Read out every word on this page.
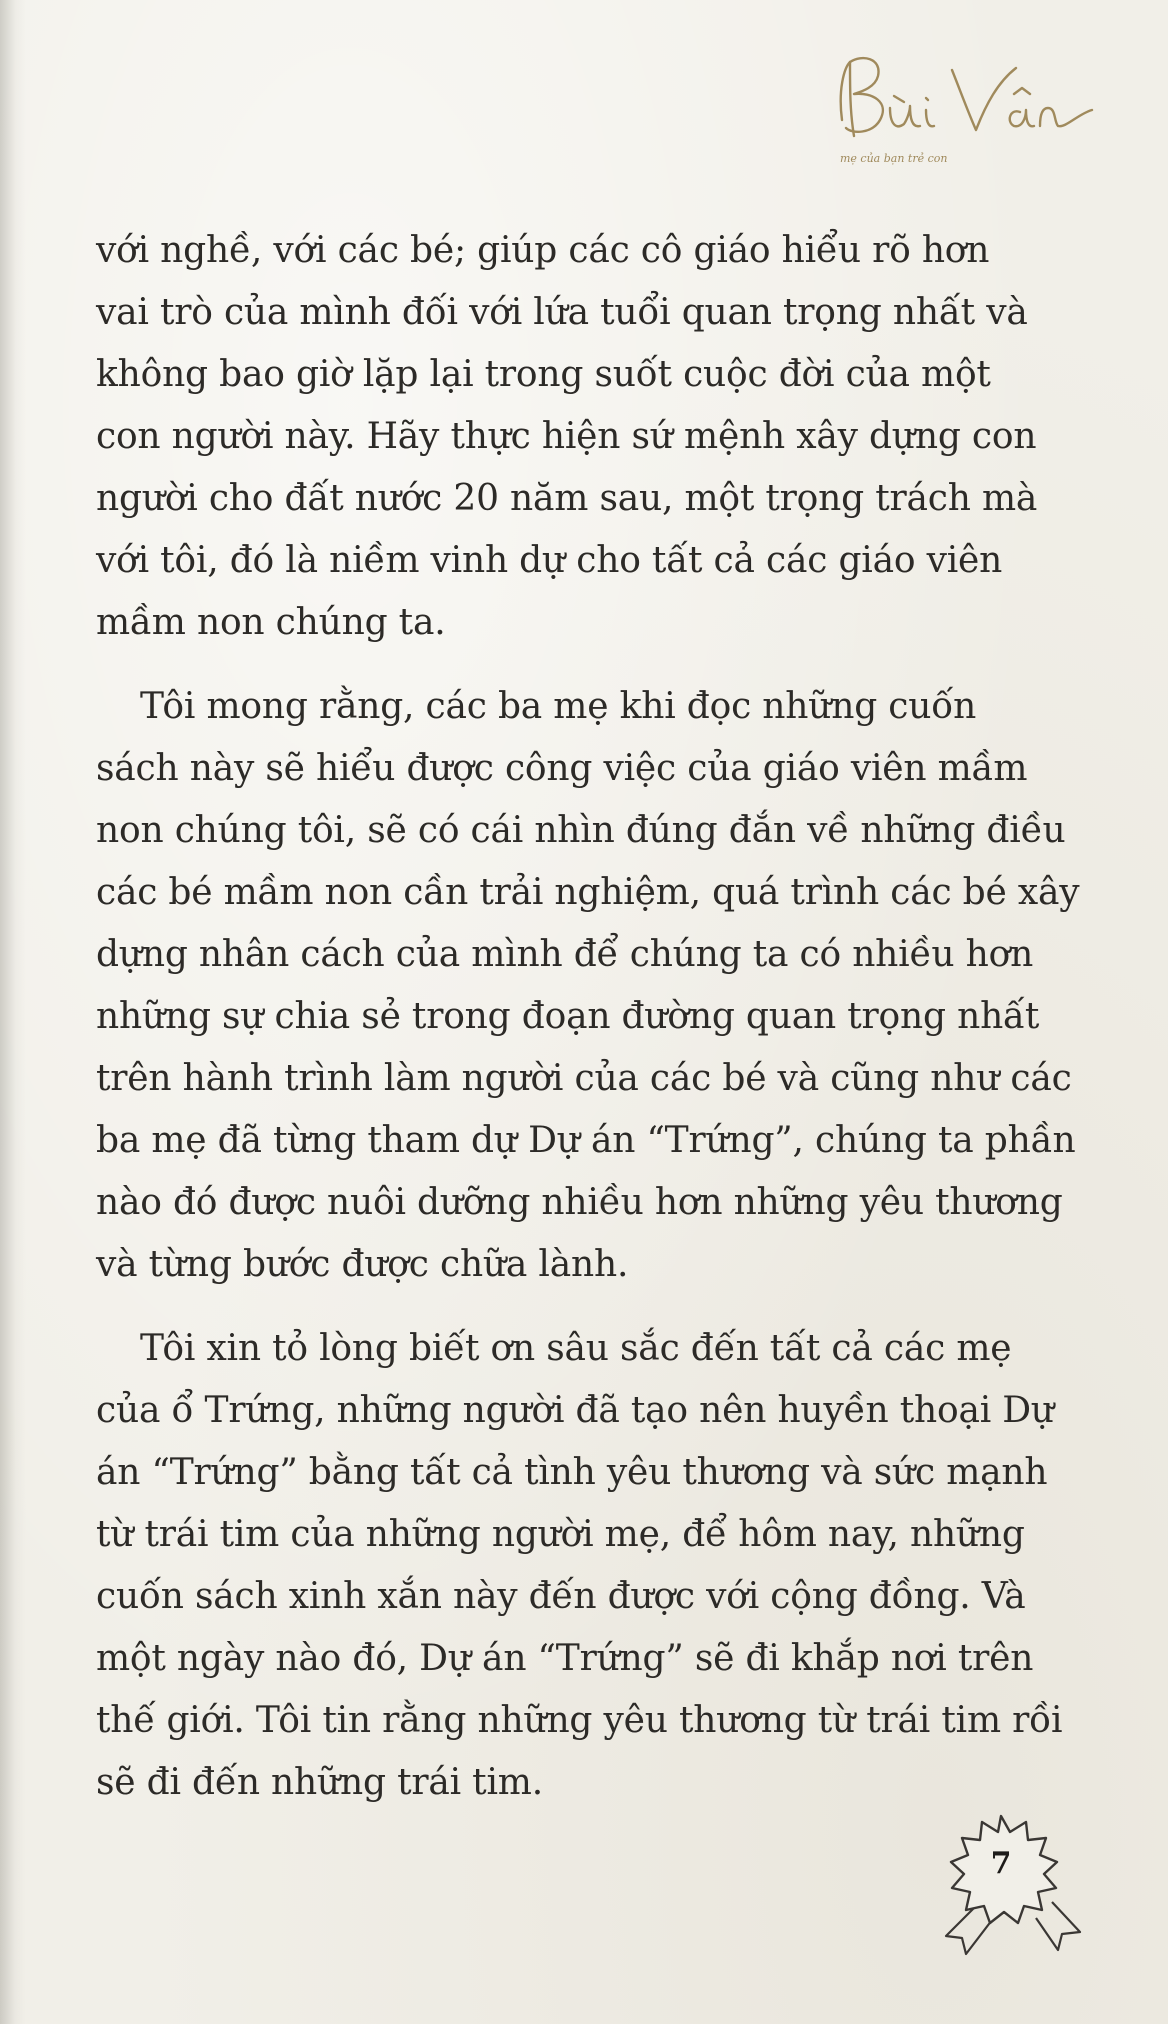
mẹ của bạn trẻ con

với nghề, với các bé; giúp các cô giáo hiểu rõ hơn
vai trò của mình đối với lứa tuổi quan trọng nhất và
không bao giờ lặp lại trong suốt cuộc đời của một
con người này. Hãy thực hiện sứ mệnh xây dựng con
người cho đất nước 20 năm sau, một trọng trách mà
với tôi, đó là niềm vinh dự cho tất cả các giáo viên
mầm non chúng ta.

Tôi mong rằng, các ba mẹ khi đọc những cuốn
sách này sẽ hiểu được công việc của giáo viên mầm
non chúng tôi, sẽ có cái nhìn đúng đắn về những điều
các bé mầm non cần trải nghiệm, quá trình các bé xây
dựng nhân cách của mình để chúng ta có nhiều hơn
những sự chia sẻ trong đoạn đường quan trọng nhất
trên hành trình làm người của các bé và cũng như các
ba mẹ đã từng tham dự Dự án “Trứng”, chúng ta phần
nào đó được nuôi dưỡng nhiều hơn những yêu thương
và từng bước được chữa lành.

Tôi xin tỏ lòng biết ơn sâu sắc đến tất cả các mẹ
của ổ Trứng, những người đã tạo nên huyền thoại Dự
án “Trứng” bằng tất cả tình yêu thương và sức mạnh
từ trái tim của những người mẹ, để hôm nay, những
cuốn sách xinh xắn này đến được với cộng đồng. Và
một ngày nào đó, Dự án “Trứng” sẽ đi khắp nơi trên
thế giới. Tôi tin rằng những yêu thương từ trái tim rồi
sẽ đi đến những trái tim.

7
